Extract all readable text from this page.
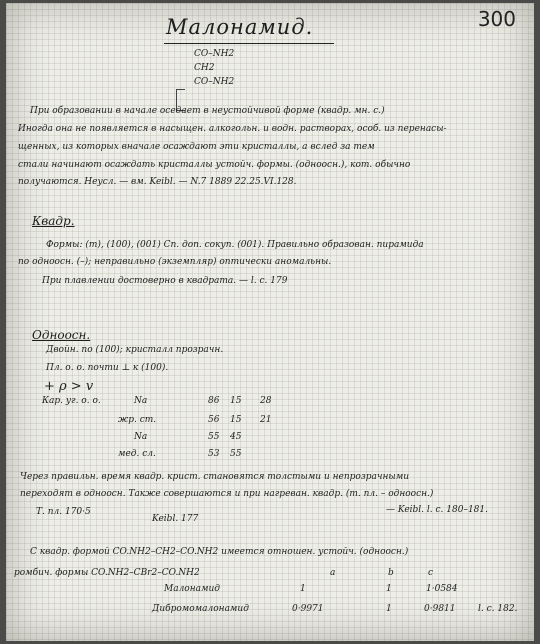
300
Малонамид.
CO–NH2
CH2
CO–NH2
При образовании в начале оседает в неустойчивой форме (квадр. мн. с.)
Иногда она не появляется в насыщен. алкогольн. и водн. растворах, особ. из перенасы-
щенных, из которых вначале осаждают эти кристаллы, а вслед за тем
стали начинают осаждать кристаллы устойч. формы. (одноосн.), кот. обычно
получаются. Неусл. — вм. Keibl. — N.7 1889 22.25.VI.128.
Квадр.
Формы: (m), (100), (001) Сп. доп. сокуп. (001). Правильно образован. пирамида
по одноосн. (–); неправильно (экземпляр) оптически аномальны.
При плавлении достоверно в квадрата. — l. c. 179
Одноосн.
Двойн. по (100); кристалл прозрачн.
Пл. о. о. почти ⊥ к (100).
+ ρ > v
Кар. уг. о. о.	Na	86 15 28
жр. ст.	56 15 21
Na	55 45
мед. сл.	53 55
Через правильн. время квадр. крист. становятся толстыми и непрозрачными
переходят в одноосн. Также совершаются и при нагреван. квадр. (т. пл. – одноосн.)
— Keibl. l. c. 180–181.
Т. пл. 170·5
Keibl. 177
С квадр. формой CO.NH2–CH2–CO.NH2 имеется отношен. устойч. (одноосн.)
ромбич. формы CO.NH2–CBr2–CO.NH2	a	b	c
Малонамид	1	1	1·0584
Дибромомалонамид	0·9971	1	0·9811	l. c. 182.
